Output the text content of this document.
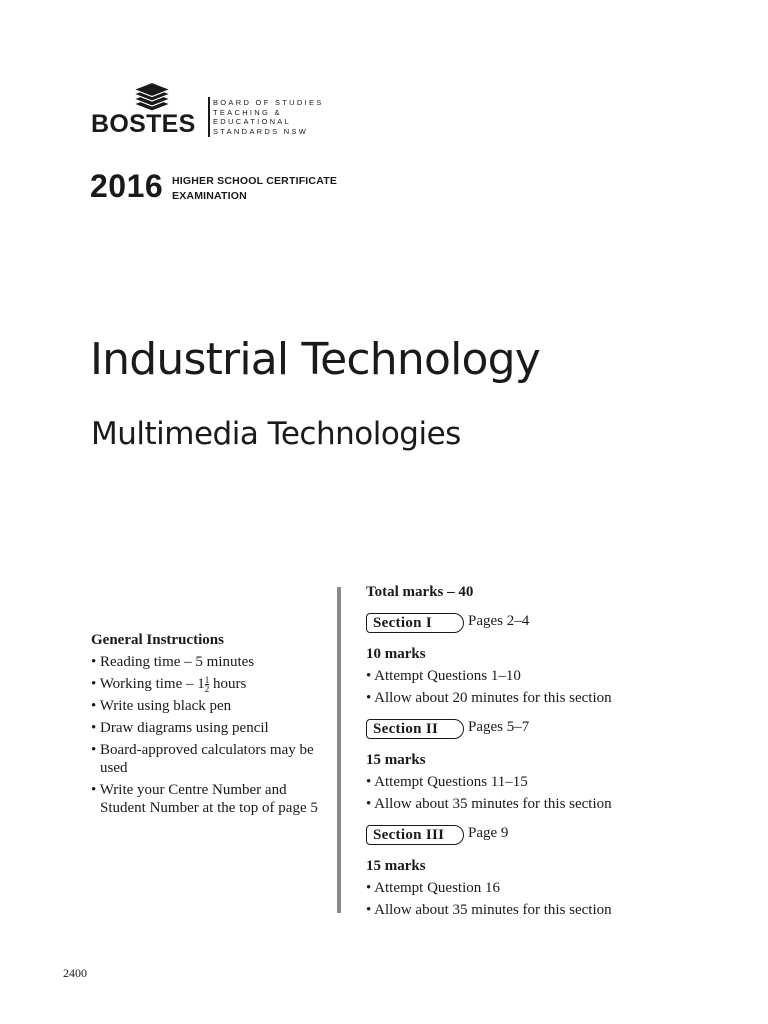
BOSTES
BOARD OF STUDIES
TEACHING &
EDUCATIONAL
STANDARDS NSW
2016 HIGHER SCHOOL CERTIFICATE
EXAMINATION
Industrial Technology
Multimedia Technologies
General Instructions
• Reading time – 5 minutes
• Working time – $1 \frac{1}{2}$ hours
• Write using black pen
• Draw diagrams using pencil
• Board-approved calculators may be used
• Write your Centre Number and Student Number at the top of page 5
Total marks – 40
Section I	Pages 2–4
10 marks
• Attempt Questions 1–10
• Allow about 20 minutes for this section
Section II	Pages 5–7
15 marks
• Attempt Questions 11–15
• Allow about 35 minutes for this section
Section III	Page 9
15 marks
• Attempt Question 16
• Allow about 35 minutes for this section
2400
